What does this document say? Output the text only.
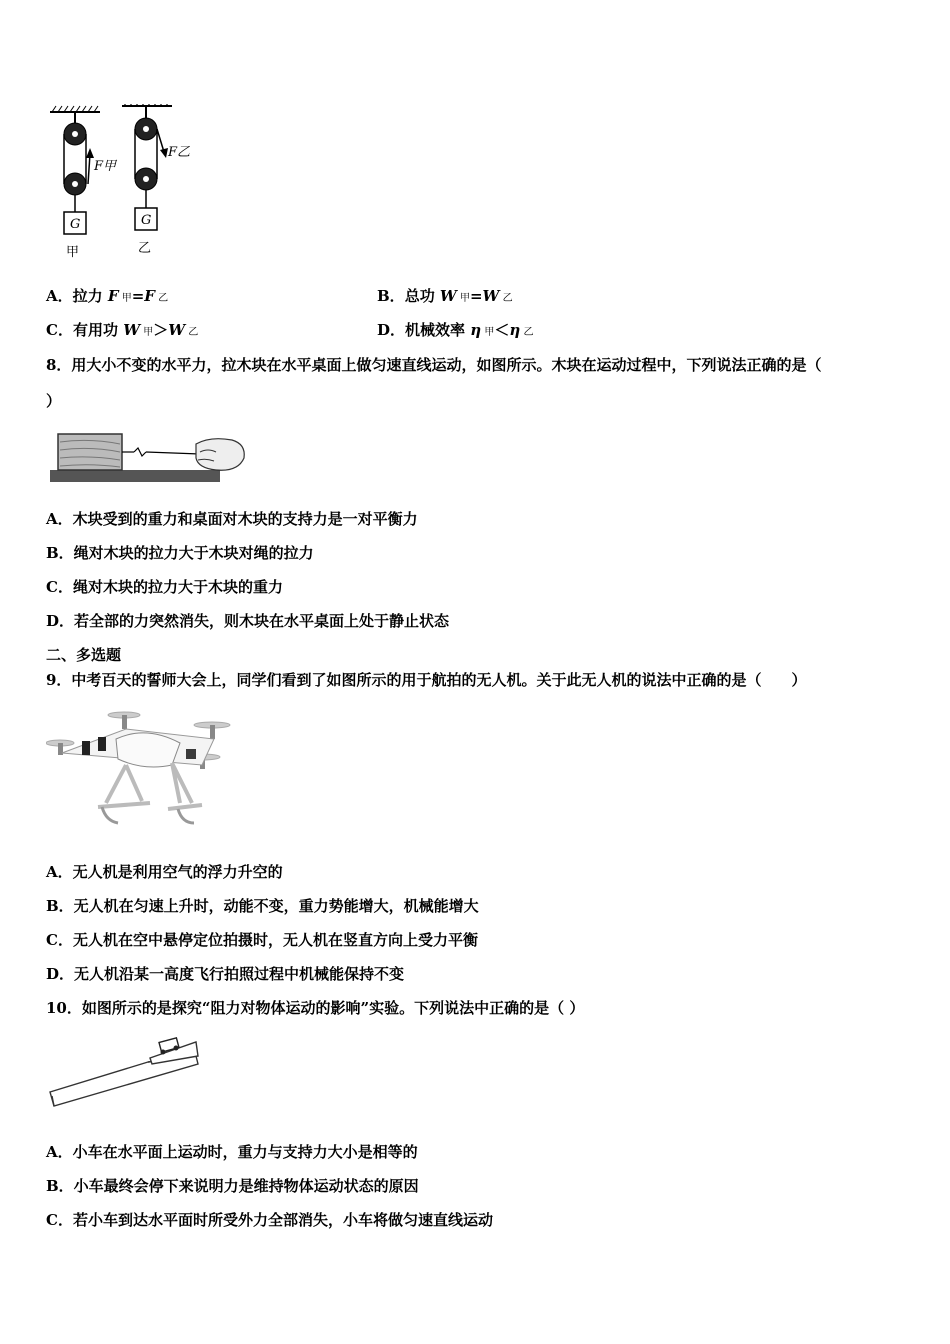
G
F甲
甲
G
F乙
乙
A．拉力 F 甲=F 乙	B．总功 W 甲=W 乙
C．有用功 W 甲＞W 乙	D．机械效率 η 甲＜η 乙
8．用大小不变的水平力，拉木块在水平桌面上做匀速直线运动，如图所示。木块在运动过程中，下列说法正确的是（
）
A．木块受到的重力和桌面对木块的支持力是一对平衡力
B．绳对木块的拉力大于木块对绳的拉力
C．绳对木块的拉力大于木块的重力
D．若全部的力突然消失，则木块在水平桌面上处于静止状态
二、多选题
9．中考百天的誓师大会上，同学们看到了如图所示的用于航拍的无人机。关于此无人机的说法中正确的是（　　）
A．无人机是利用空气的浮力升空的
B．无人机在匀速上升时，动能不变，重力势能增大，机械能增大
C．无人机在空中悬停定位拍摄时，无人机在竖直方向上受力平衡
D．无人机沿某一高度飞行拍照过程中机械能保持不变
10．如图所示的是探究“阻力对物体运动的影响”实验。下列说法中正确的是（ ）
A．小车在水平面上运动时，重力与支持力大小是相等的
B．小车最终会停下来说明力是维持物体运动状态的原因
C．若小车到达水平面时所受外力全部消失，小车将做匀速直线运动
